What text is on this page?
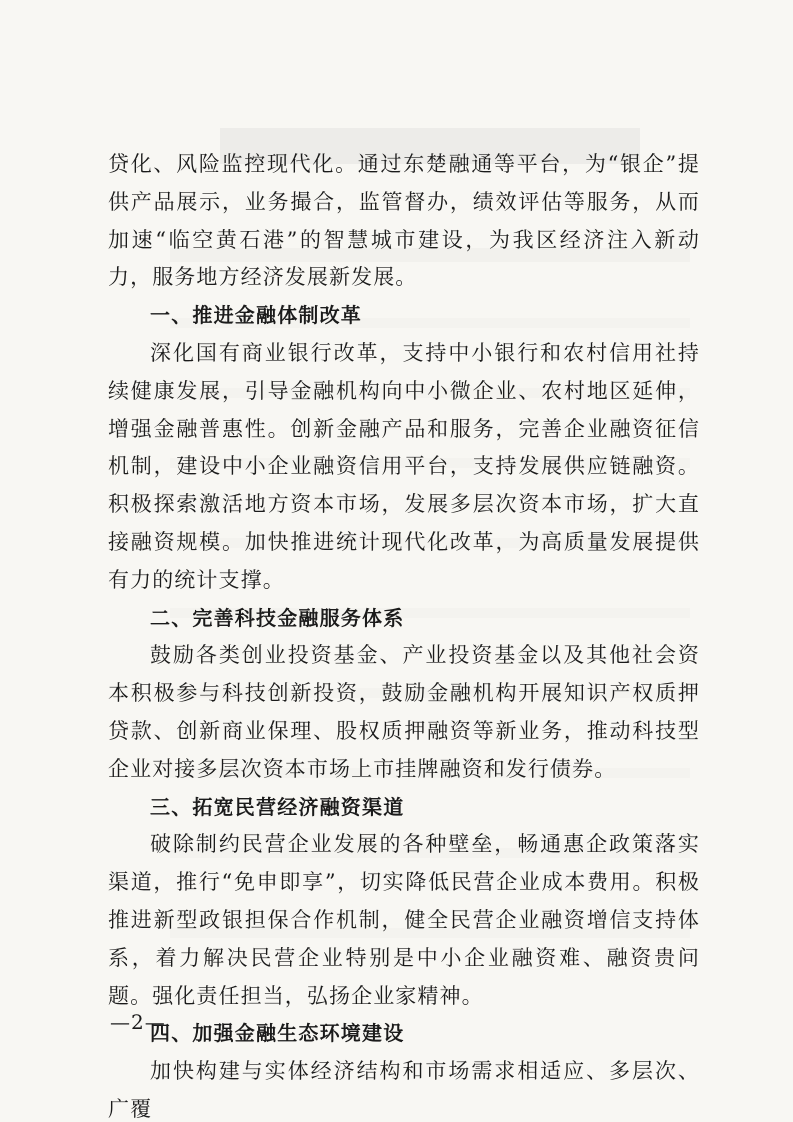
贷化、风险监控现代化。通过东楚融通等平台，为“银企”提供产品展示，业务撮合，监管督办，绩效评估等服务，从而加速“临空黄石港”的智慧城市建设，为我区经济注入新动力，服务地方经济发展新发展。

一、推进金融体制改革

深化国有商业银行改革，支持中小银行和农村信用社持续健康发展，引导金融机构向中小微企业、农村地区延伸，增强金融普惠性。创新金融产品和服务，完善企业融资征信机制，建设中小企业融资信用平台，支持发展供应链融资。积极探索激活地方资本市场，发展多层次资本市场，扩大直接融资规模。加快推进统计现代化改革，为高质量发展提供有力的统计支撑。

二、完善科技金融服务体系

鼓励各类创业投资基金、产业投资基金以及其他社会资本积极参与科技创新投资，鼓励金融机构开展知识产权质押贷款、创新商业保理、股权质押融资等新业务，推动科技型企业对接多层次资本市场上市挂牌融资和发行债券。

三、拓宽民营经济融资渠道

破除制约民营企业发展的各种壁垒，畅通惠企政策落实渠道，推行“免申即享”，切实降低民营企业成本费用。积极推进新型政银担保合作机制，健全民营企业融资增信支持体系，着力解决民营企业特别是中小企业融资难、融资贵问题。强化责任担当，弘扬企业家精神。

四、加强金融生态环境建设

加快构建与实体经济结构和市场需求相适应、多层次、广覆

—2—
